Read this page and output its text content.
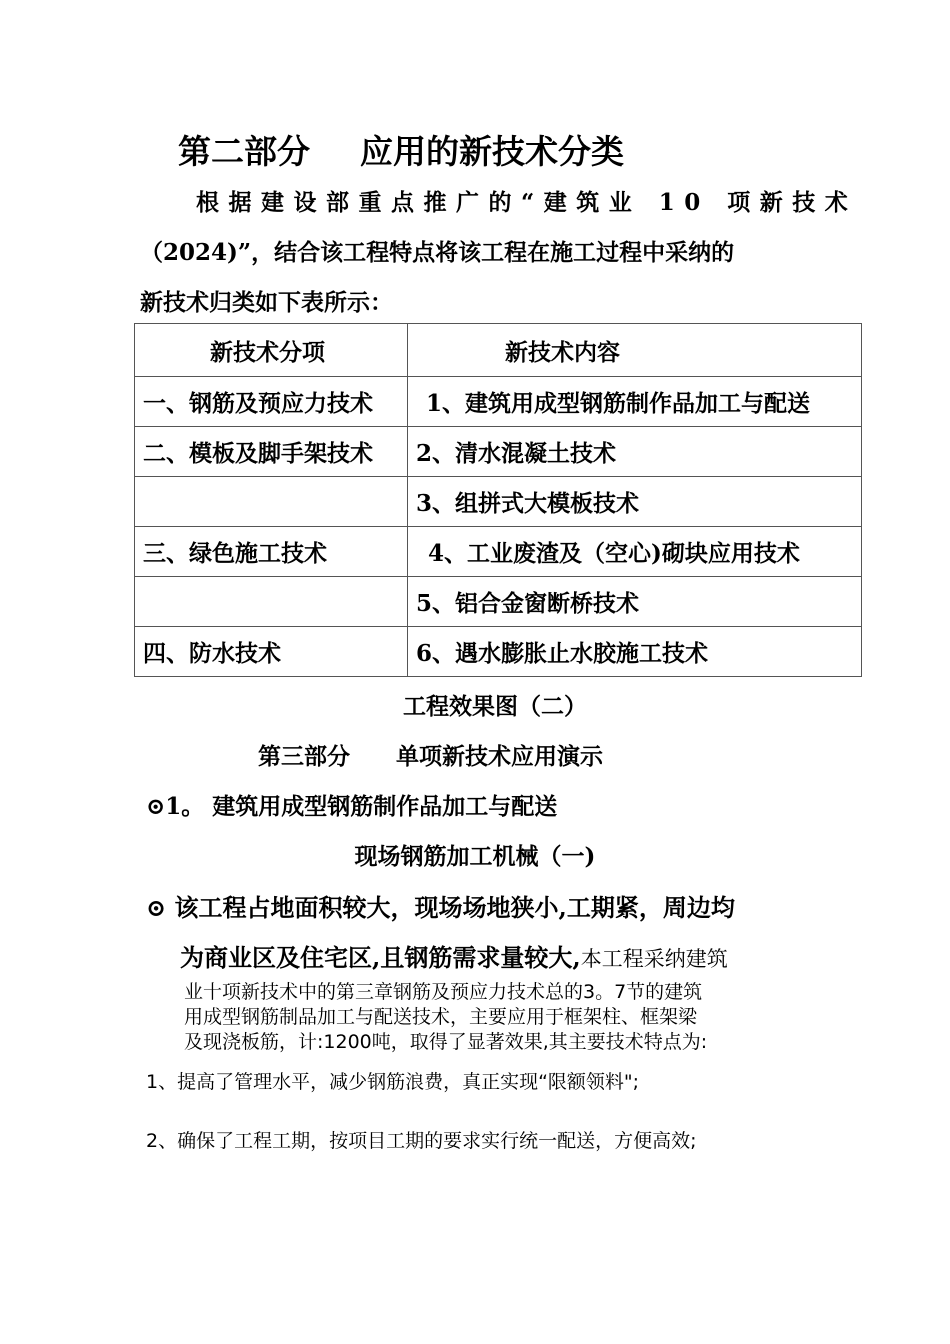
第二部分 应用的新技术分类
根据建设部重点推广的“建筑业 10 项新技术
（2024)”，结合该工程特点将该工程在施工过程中采纳的
新技术归类如下表所示：
新技术分项	新技术内容
一、钢筋及预应力技术	1、建筑用成型钢筋制作品加工与配送
二、模板及脚手架技术	2、清水混凝土技术
	3、组拼式大模板技术
三、绿色施工技术	4、工业废渣及（空心)砌块应用技术
	5、铝合金窗断桥技术
四、防水技术	6、遇水膨胀止水胶施工技术
工程效果图（二）
第三部分 单项新技术应用演示
⊙1。 建筑用成型钢筋制作品加工与配送
现场钢筋加工机械（一)
⊙ 该工程占地面积较大，现场场地狭小,工期紧，周边均
为商业区及住宅区,且钢筋需求量较大,本工程采纳建筑
业十项新技术中的第三章钢筋及预应力技术总的3。7节的建筑
用成型钢筋制品加工与配送技术，主要应用于框架柱、框架梁
及现浇板筋，计:1200吨，取得了显著效果,其主要技术特点为:
1、提高了管理水平，减少钢筋浪费，真正实现“限额领料";
2、确保了工程工期，按项目工期的要求实行统一配送，方便高效;
